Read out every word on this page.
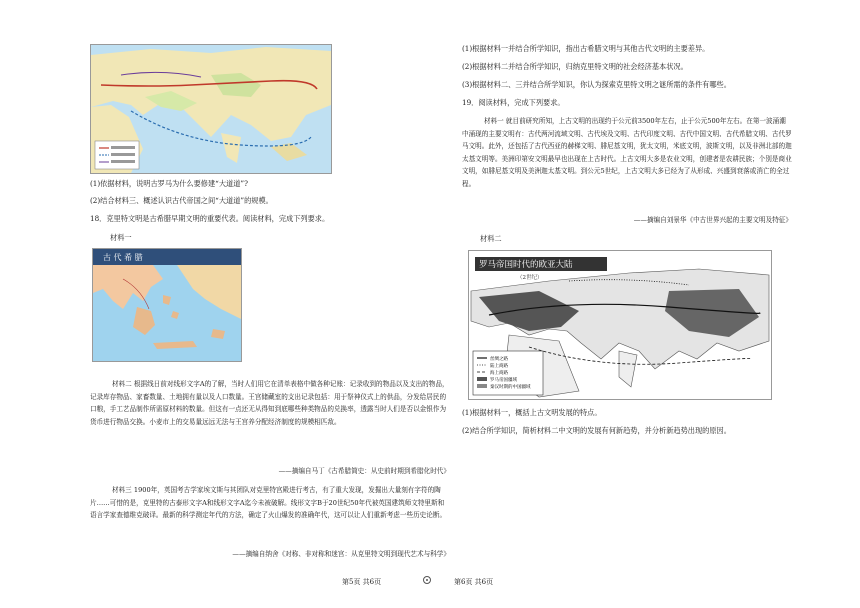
(1)依据材料，说明古罗马为什么要修建“大道道”?
(2)结合材料三、概述认识古代帝国之间“大道道”的规模。
18．克里特文明是古希腊早期文明的重要代表。阅读材料，完成下列要求。
材料一
古 代 希 腊
材料二 根据线日前对线形文字A的了解，当时人们用它在清单表格中做各种记账：记录收到的物品以及支出的物品，记录库存物品、家畜数量、土地拥有量以及人口数量。王宫储藏室的支出记录包括：用于祭神仪式上的供品，分发给居民的口粮，手工艺品制作所需原材料的数量。但这有一点还无从得知到底哪些种类物品的兑换率，透露当时人们是否以金银作为货币进行物品交换。小麦市上的交易量远远无法与王宫养分配经济制度的规模相匹敌。
——摘编自马丁《古希腊简史：从史前时期到希腊化时代》
材料三 1900年，英国考古学家埃文斯与其团队对克里特宫殿进行考古，有了重大发现，发掘出大量刻有字符的陶片……可惜的是，克里特的古泰形文字A和线形文字A迄今未被破解。线形文字B于20世纪50年代被英国建筑师文特里斯和语言学家查德维克破译。最新的科学测定年代的方法，确定了火山爆发的准确年代，这可以让人们重新考虑一些历史论断。
——摘编自纳舍《对称、非对称和迷宫：从克里特文明到现代艺术与科学》
(1)根据材料一并结合所学知识，指出古希腊文明与其他古代文明的主要差异。
(2)根据材料二并结合所学知识，归纳克里特文明的社会经济基本状况。
(3)根据材料二、三并结合所学知识，你认为探索克里特文明之谜所需的条件有哪些。
19．阅读材料，完成下列要求。
材料一 就目前研究所知，上古文明的出现约于公元前3500年左右，止于公元500年左右。在第一波涌潮中涌现的主要文明有：古代两河流域文明、古代埃及文明、古代印度文明、古代中国文明、古代希腊文明、古代罗马文明。此外，还包括了古代西亚的赫梯文明、腓尼基文明，犹太文明，米底文明，波斯文明，以及非洲北部的迦太基文明等。美洲印第安文明最早也出现在上古时代。上古文明大多是农业文明，创建者是农耕民族；个别是商业文明，如腓尼基文明及美洲迦太基文明。到公元5世纪，上古文明大多已经为了从形成、兴盛到衰落或消亡的全过程。
——摘编自刘景华《中古世界兴起的主要文明及特征》
材料二
罗马帝国时代的欧亚大陆
（2世纪）
丝绸之路
陆上商路
海上商路
罗马帝国疆域
秦汉时期的中国疆域
(1)根据材料一，概括上古文明发展的特点。
(2)结合所学知识，简析材料二中文明的发展有何新趋势，并分析新趋势出现的原因。
第5页 共6页	第6页 共6页
